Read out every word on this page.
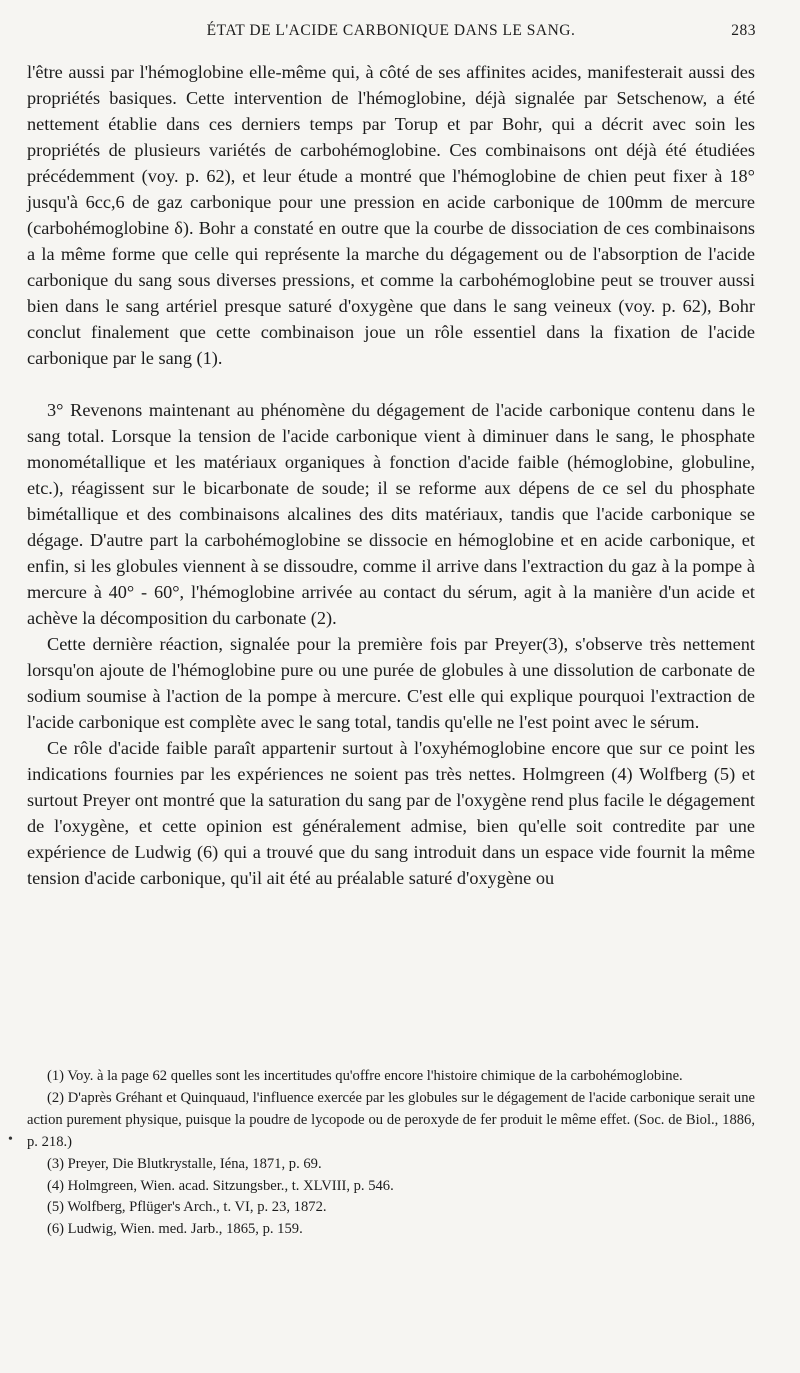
ÉTAT DE L'ACIDE CARBONIQUE DANS LE SANG.	283

l'être aussi par l'hémoglobine elle-même qui, à côté de ses affinites acides, manifesterait aussi des propriétés basiques. Cette intervention de l'hémoglobine, déjà signalée par Setschenow, a été nettement établie dans ces derniers temps par Torup et par Bohr, qui a décrit avec soin les propriétés de plusieurs variétés de carbohémoglobine. Ces combinaisons ont déjà été étudiées précédemment (voy. p. 62), et leur étude a montré que l'hémoglobine de chien peut fixer à 18° jusqu'à 6cc,6 de gaz carbonique pour une pression en acide carbonique de 100mm de mercure (carbohémoglobine δ). Bohr a constaté en outre que la courbe de dissociation de ces combinaisons a la même forme que celle qui représente la marche du dégagement ou de l'absorption de l'acide carbonique du sang sous diverses pressions, et comme la carbohémoglobine peut se trouver aussi bien dans le sang artériel presque saturé d'oxygène que dans le sang veineux (voy. p. 62), Bohr conclut finalement que cette combinaison joue un rôle essentiel dans la fixation de l'acide carbonique par le sang (1).

3° Revenons maintenant au phénomène du dégagement de l'acide carbonique contenu dans le sang total. Lorsque la tension de l'acide carbonique vient à diminuer dans le sang, le phosphate monométallique et les matériaux organiques à fonction d'acide faible (hémoglobine, globuline, etc.), réagissent sur le bicarbonate de soude; il se reforme aux dépens de ce sel du phosphate bimétallique et des combinaisons alcalines des dits matériaux, tandis que l'acide carbonique se dégage. D'autre part la carbohémoglobine se dissocie en hémoglobine et en acide carbonique, et enfin, si les globules viennent à se dissoudre, comme il arrive dans l'extraction du gaz à la pompe à mercure à 40° - 60°, l'hémoglobine arrivée au contact du sérum, agit à la manière d'un acide et achève la décomposition du carbonate (2).

Cette dernière réaction, signalée pour la première fois par Preyer(3), s'observe très nettement lorsqu'on ajoute de l'hémoglobine pure ou une purée de globules à une dissolution de carbonate de sodium soumise à l'action de la pompe à mercure. C'est elle qui explique pourquoi l'extraction de l'acide carbonique est complète avec le sang total, tandis qu'elle ne l'est point avec le sérum.

Ce rôle d'acide faible paraît appartenir surtout à l'oxyhémoglobine encore que sur ce point les indications fournies par les expériences ne soient pas très nettes. Holmgreen (4) Wolfberg (5) et surtout Preyer ont montré que la saturation du sang par de l'oxygène rend plus facile le dégagement de l'oxygène, et cette opinion est généralement admise, bien qu'elle soit contredite par une expérience de Ludwig (6) qui a trouvé que du sang introduit dans un espace vide fournit la même tension d'acide carbonique, qu'il ait été au préalable saturé d'oxygène ou

•

(1) Voy. à la page 62 quelles sont les incertitudes qu'offre encore l'histoire chimique de la carbohémoglobine.

(2) D'après Gréhant et Quinquaud, l'influence exercée par les globules sur le dégagement de l'acide carbonique serait une action purement physique, puisque la poudre de lycopode ou de peroxyde de fer produit le même effet. (Soc. de Biol., 1886, p. 218.)

(3) Preyer, Die Blutkrystalle, Iéna, 1871, p. 69.

(4) Holmgreen, Wien. acad. Sitzungsber., t. XLVIII, p. 546.

(5) Wolfberg, Pflüger's Arch., t. VI, p. 23, 1872.

(6) Ludwig, Wien. med. Jarb., 1865, p. 159.
